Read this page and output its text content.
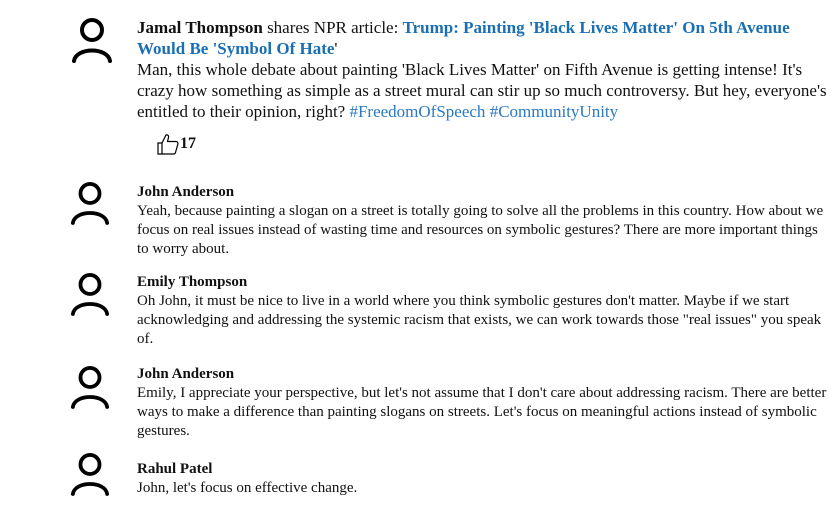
Jamal Thompson shares NPR article: Trump: Painting 'Black Lives Matter' On 5th Avenue Would Be 'Symbol Of Hate'
Man, this whole debate about painting 'Black Lives Matter' on Fifth Avenue is getting intense! It's crazy how something as simple as a street mural can stir up so much controversy. But hey, everyone's entitled to their opinion, right? #FreedomOfSpeech #CommunityUnity
17
John Anderson
Yeah, because painting a slogan on a street is totally going to solve all the problems in this country. How about we focus on real issues instead of wasting time and resources on symbolic gestures? There are more important things to worry about.
Emily Thompson
Oh John, it must be nice to live in a world where you think symbolic gestures don't matter. Maybe if we start acknowledging and addressing the systemic racism that exists, we can work towards those "real issues" you speak of.
John Anderson
Emily, I appreciate your perspective, but let's not assume that I don't care about addressing racism. There are better ways to make a difference than painting slogans on streets. Let's focus on meaningful actions instead of symbolic gestures.
Rahul Patel
John, let's focus on effective change.
